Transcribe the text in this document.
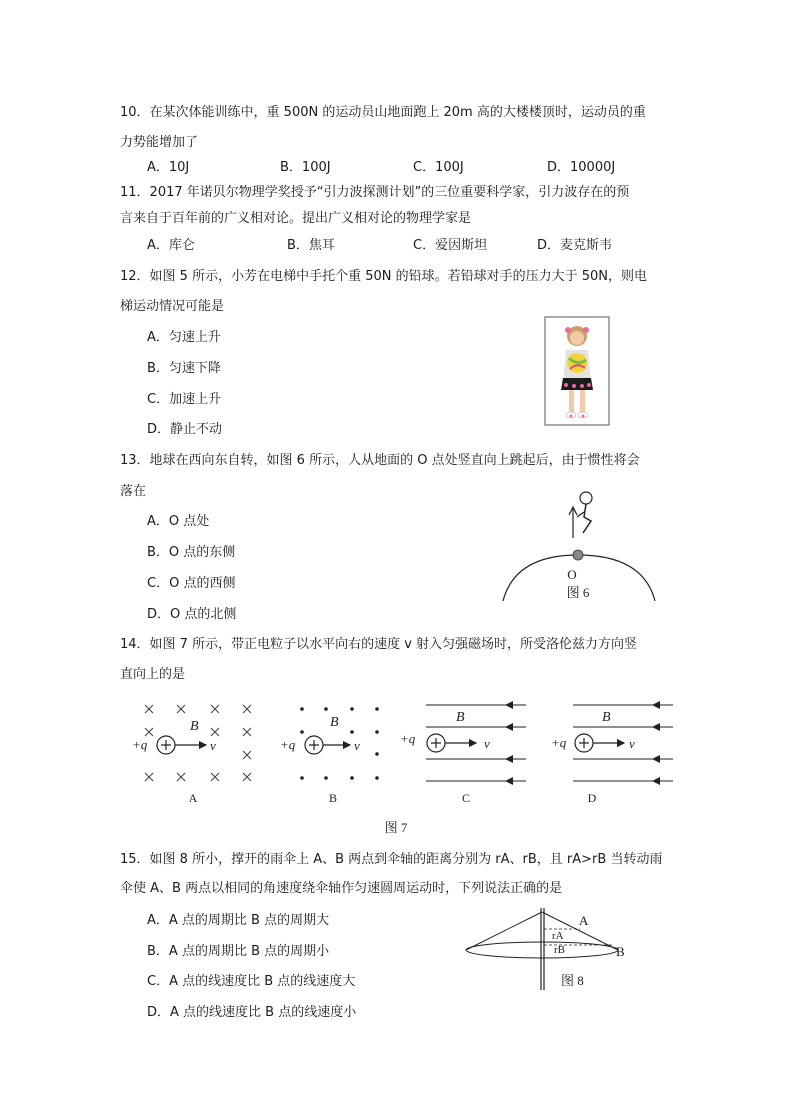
10．在某次体能训练中，重 500N 的运动员山地面跑上 20m 高的大楼楼顶时，运动员的重
力势能增加了
A．10J	B．100J	C．100J	D．10000J
11．2017 年诺贝尔物理学奖授予“引力波探测计划”的三位重要科学家，引力波存在的预
言来自于百年前的广义相对论。提出广义相对论的物理学家是
A．库仑	B．焦耳	C．爱因斯坦	D．麦克斯韦
12．如图 5 所示，小芳在电梯中手托个重 50N 的铅球。若铅球对手的压力大于 50N，则电
梯运动情况可能是
A．匀速上升
B．匀速下降
C．加速上升
D．静止不动
13．地球在西向东自转，如图 6 所示，人从地面的 O 点处竖直向上跳起后，由于惯性将会
落在
A．O 点处
B．O 点的东侧
C．O 点的西侧
D．O 点的北侧
O
图 6
14．如图 7 所示，带正电粒子以水平向右的速度 v 射入匀强磁场时，所受洛伦兹力方向竖
直向上的是
B
+q	v
A
B
+q	v
B
B
+q	v
C
B
+q	v
D
图 7
15．如图 8 所小，撑开的雨伞上 A、B 两点到伞轴的距离分别为 rA、rB，且 rA>rB 当转动雨
伞使 A、B 两点以相同的角速度绕伞轴作匀速圆周运动时，下列说法正确的是
A．A 点的周期比 B 点的周期大
B．A 点的周期比 B 点的周期小
C．A 点的线速度比 B 点的线速度大
D．A 点的线速度比 B 点的线速度小
rA
rB
A
B
图 8
